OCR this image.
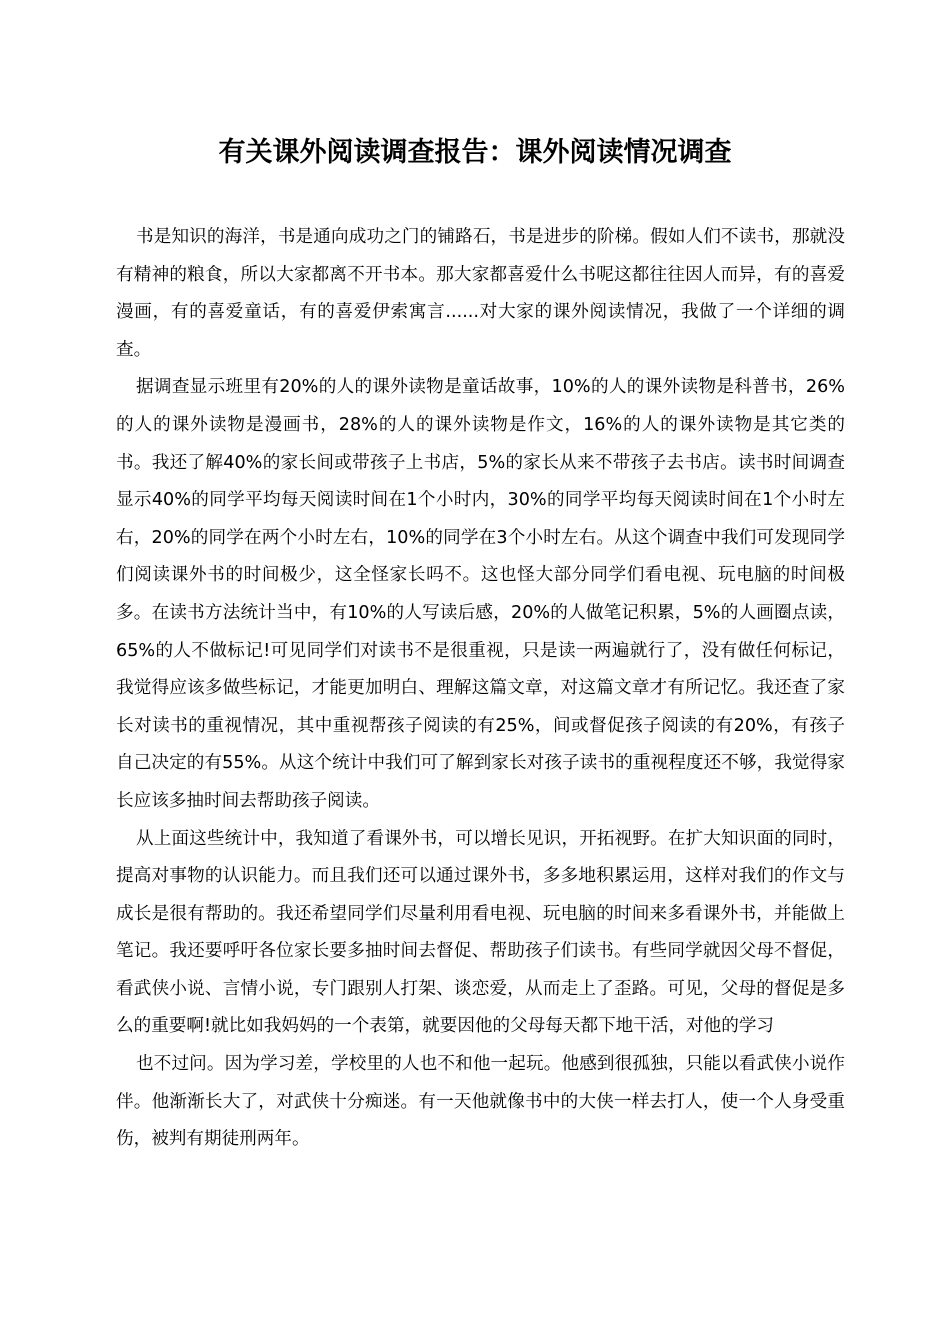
有关课外阅读调查报告：课外阅读情况调查

书是知识的海洋，书是通向成功之门的铺路石，书是进步的阶梯。假如人们不读书，那就没有精神的粮食，所以大家都离不开书本。那大家都喜爱什么书呢这都往往因人而异，有的喜爱漫画，有的喜爱童话，有的喜爱伊索寓言......对大家的课外阅读情况，我做了一个详细的调查。

据调查显示班里有20%的人的课外读物是童话故事，10%的人的课外读物是科普书，26%的人的课外读物是漫画书，28%的人的课外读物是作文，16%的人的课外读物是其它类的书。我还了解40%的家长间或带孩子上书店，5%的家长从来不带孩子去书店。读书时间调查显示40%的同学平均每天阅读时间在1个小时内，30%的同学平均每天阅读时间在1个小时左右，20%的同学在两个小时左右，10%的同学在3个小时左右。从这个调查中我们可发现同学们阅读课外书的时间极少，这全怪家长吗不。这也怪大部分同学们看电视、玩电脑的时间极多。在读书方法统计当中，有10%的人写读后感，20%的人做笔记积累，5%的人画圈点读，65%的人不做标记!可见同学们对读书不是很重视，只是读一两遍就行了，没有做任何标记，我觉得应该多做些标记，才能更加明白、理解这篇文章，对这篇文章才有所记忆。我还查了家长对读书的重视情况，其中重视帮孩子阅读的有25%，间或督促孩子阅读的有20%，有孩子自己决定的有55%。从这个统计中我们可了解到家长对孩子读书的重视程度还不够，我觉得家长应该多抽时间去帮助孩子阅读。

从上面这些统计中，我知道了看课外书，可以增长见识，开拓视野。在扩大知识面的同时，提高对事物的认识能力。而且我们还可以通过课外书，多多地积累运用，这样对我们的作文与成长是很有帮助的。我还希望同学们尽量利用看电视、玩电脑的时间来多看课外书，并能做上笔记。我还要呼吁各位家长要多抽时间去督促、帮助孩子们读书。有些同学就因父母不督促，看武侠小说、言情小说，专门跟别人打架、谈恋爱，从而走上了歪路。可见，父母的督促是多么的重要啊!就比如我妈妈的一个表第，就要因他的父母每天都下地干活，对他的学习

也不过问。因为学习差，学校里的人也不和他一起玩。他感到很孤独，只能以看武侠小说作伴。他渐渐长大了，对武侠十分痴迷。有一天他就像书中的大侠一样去打人，使一个人身受重伤，被判有期徒刑两年。
